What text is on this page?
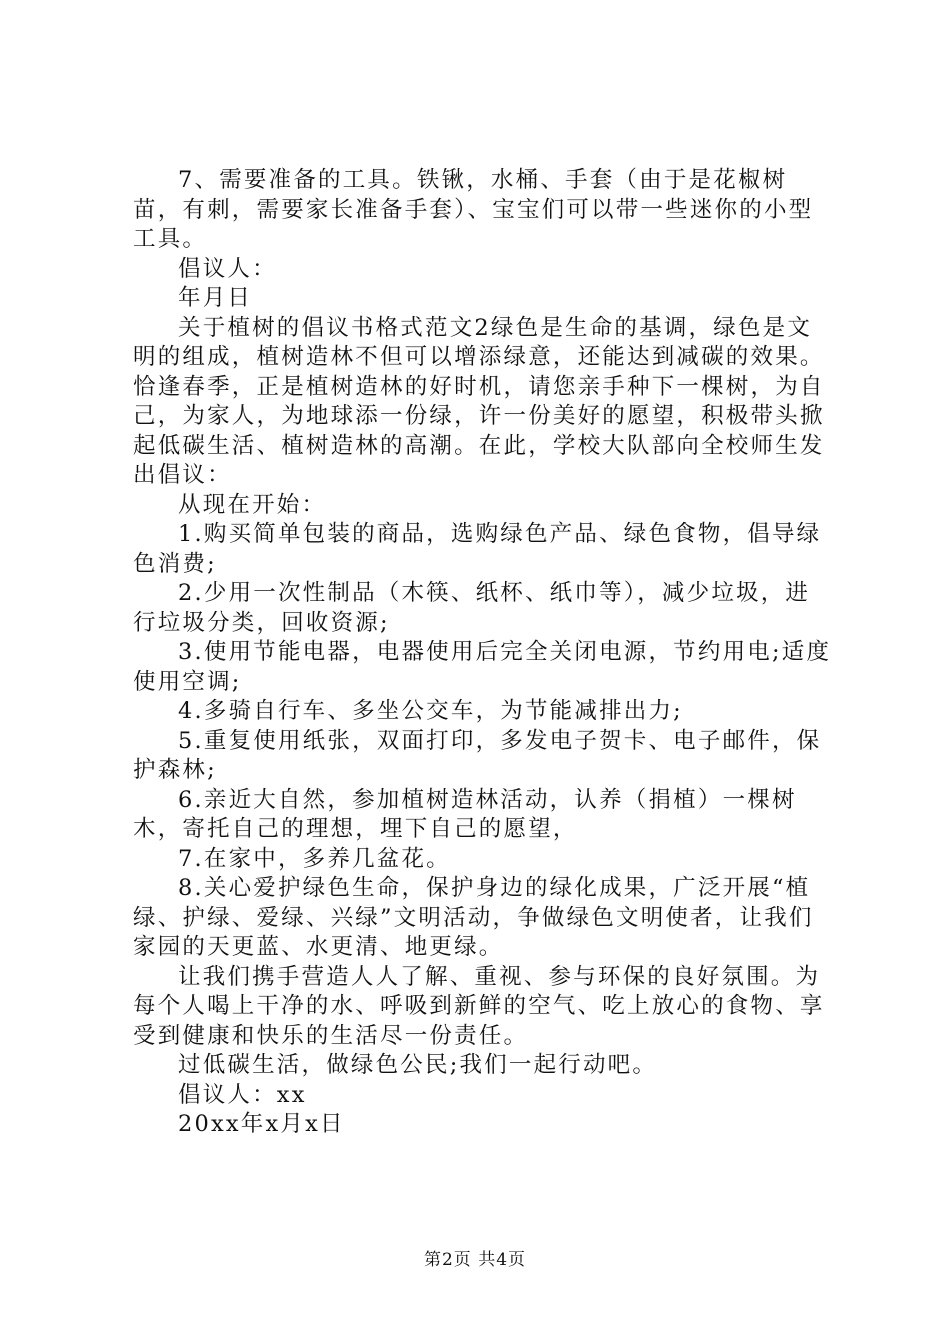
7、需要准备的工具。铁锹，水桶、手套（由于是花椒树苗，有刺，需要家长准备手套）、宝宝们可以带一些迷你的小型工具。

倡议人：

年月日

关于植树的倡议书格式范文2绿色是生命的基调，绿色是文明的组成，植树造林不但可以增添绿意，还能达到减碳的效果。恰逢春季，正是植树造林的好时机，请您亲手种下一棵树，为自己，为家人，为地球添一份绿，许一份美好的愿望，积极带头掀起低碳生活、植树造林的高潮。在此，学校大队部向全校师生发出倡议：

从现在开始：

1.购买简单包装的商品，选购绿色产品、绿色食物，倡导绿色消费;

2.少用一次性制品（木筷、纸杯、纸巾等），减少垃圾，进行垃圾分类，回收资源;

3.使用节能电器，电器使用后完全关闭电源，节约用电;适度使用空调;

4.多骑自行车、多坐公交车，为节能减排出力;

5.重复使用纸张，双面打印，多发电子贺卡、电子邮件，保护森林;

6.亲近大自然，参加植树造林活动，认养（捐植）一棵树木，寄托自己的理想，埋下自己的愿望，

7.在家中，多养几盆花。

8.关心爱护绿色生命，保护身边的绿化成果，广泛开展“植绿、护绿、爱绿、兴绿”文明活动，争做绿色文明使者，让我们家园的天更蓝、水更清、地更绿。

让我们携手营造人人了解、重视、参与环保的良好氛围。为每个人喝上干净的水、呼吸到新鲜的空气、吃上放心的食物、享受到健康和快乐的生活尽一份责任。

过低碳生活，做绿色公民;我们一起行动吧。

倡议人：xx

20xx年x月x日

第2页 共4页
